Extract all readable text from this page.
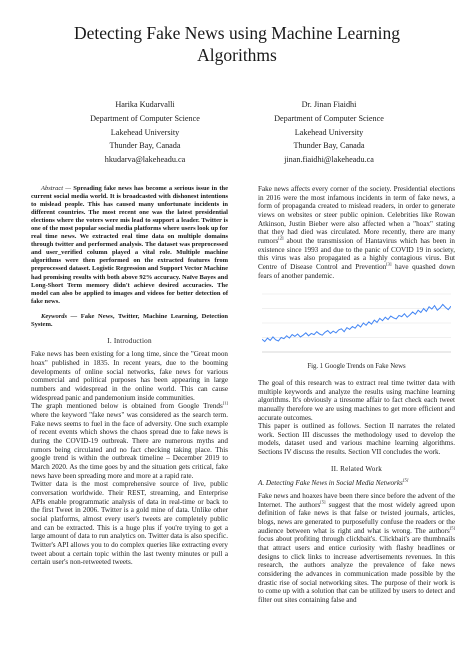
Detecting Fake News using Machine Learning Algorithms
Harika Kudarvalli
Department of Computer Science
Lakehead University
Thunder Bay, Canada
hkudarva@lakeheadu.ca
Dr. Jinan Fiaidhi
Department of Computer Science
Lakehead University
Thunder Bay, Canada
jinan.fiaidhi@lakeheadu.ca

Abstract — Spreading fake news has become a serious issue in the current social media world. It is broadcasted with dishonest intentions to mislead people. This has caused many unfortunate incidents in different countries. The most recent one was the latest presidential elections where the voters were mis lead to support a leader. Twitter is one of the most popular social media platforms where users look up for real time news. We extracted real time data on multiple domains through twitter and performed analysis. The dataset was preprocessed and user_verified column played a vital role. Multiple machine algorithms were then performed on the extracted features from preprocessed dataset. Logistic Regression and Support Vector Machine had promising results with both above 92% accuracy. Naïve Bayes and Long-Short Term memory didn't achieve desired accuracies. The model can also be applied to images and videos for better detection of fake news.

Keywords — Fake News, Twitter, Machine Learning, Detection System.

I. Introduction

Fake news has been existing for a long time, since the "Great moon hoax" published in 1835. In recent years, due to the booming developments of online social networks, fake news for various commercial and political purposes has been appearing in large numbers and widespread in the online world. This can cause widespread panic and pandemonium inside communities.

The graph mentioned below is obtained from Google Trends[1] where the keyword "fake news" was considered as the search term. Fake news seems to fuel in the face of adversity. One such example of recent events which shows the chaos spread due to fake news is during the COVID-19 outbreak. There are numerous myths and rumors being circulated and no fact checking taking place. This google trend is within the outbreak timeline – December 2019 to March 2020. As the time goes by and the situation gets critical, fake news have been spreading more and more at a rapid rate.

Twitter data is the most comprehensive source of live, public conversation worldwide. Their REST, streaming, and Enterprise APIs enable programmatic analysis of data in real-time or back to the first Tweet in 2006. Twitter is a gold mine of data. Unlike other social platforms, almost every user's tweets are completely public and can be extracted. This is a huge plus if you're trying to get a large amount of data to run analytics on. Twitter data is also specific. Twitter's API allows you to do complex queries like extracting every tweet about a certain topic within the last twenty minutes or pull a certain user's non-retweeted tweets.

Fake news affects every corner of the society. Presidential elections in 2016 were the most infamous incidents in term of fake news, a form of propaganda created to mislead readers, in order to generate views on websites or steer public opinion. Celebrities like Rowan Atkinson, Justin Bieber were also affected when a "hoax" stating that they had died was circulated. More recently, there are many rumors[2] about the transmission of Hantavirus which has been in existence since 1993 and due to the panic of COVID 19 in society, this virus was also propagated as a highly contagious virus. But Centre of Disease Control and Prevention[3] have quashed down fears of another pandemic.

Fig. 1 Google Trends on Fake News

The goal of this research was to extract real time twitter data with multiple keywords and analyze the results using machine learning algorithms. It's obviously a tiresome affair to fact check each tweet manually therefore we are using machines to get more efficient and accurate outcomes.

This paper is outlined as follows. Section II narrates the related work. Section III discusses the methodology used to develop the models, dataset used and various machine learning algorithms. Sections IV discuss the results. Section VII concludes the work.

II. Related Work
A. Detecting Fake News in Social Media Networks[5]

Fake news and hoaxes have been there since before the advent of the Internet. The authors[5] suggest that the most widely agreed upon definition of fake news is that false or twisted journals, articles, blogs, news are generated to purposefully confuse the readers or the audience between what is right and what is wrong. The authors[5] focus about profiting through clickbait's. Clickbait's are thumbnails that attract users and entice curiosity with flashy headlines or designs to click links to increase advertisements revenues. In this research, the authors analyze the prevalence of fake news considering the advances in communication made possible by the drastic rise of social networking sites. The purpose of their work is to come up with a solution that can be utilized by users to detect and filter out sites containing false and
